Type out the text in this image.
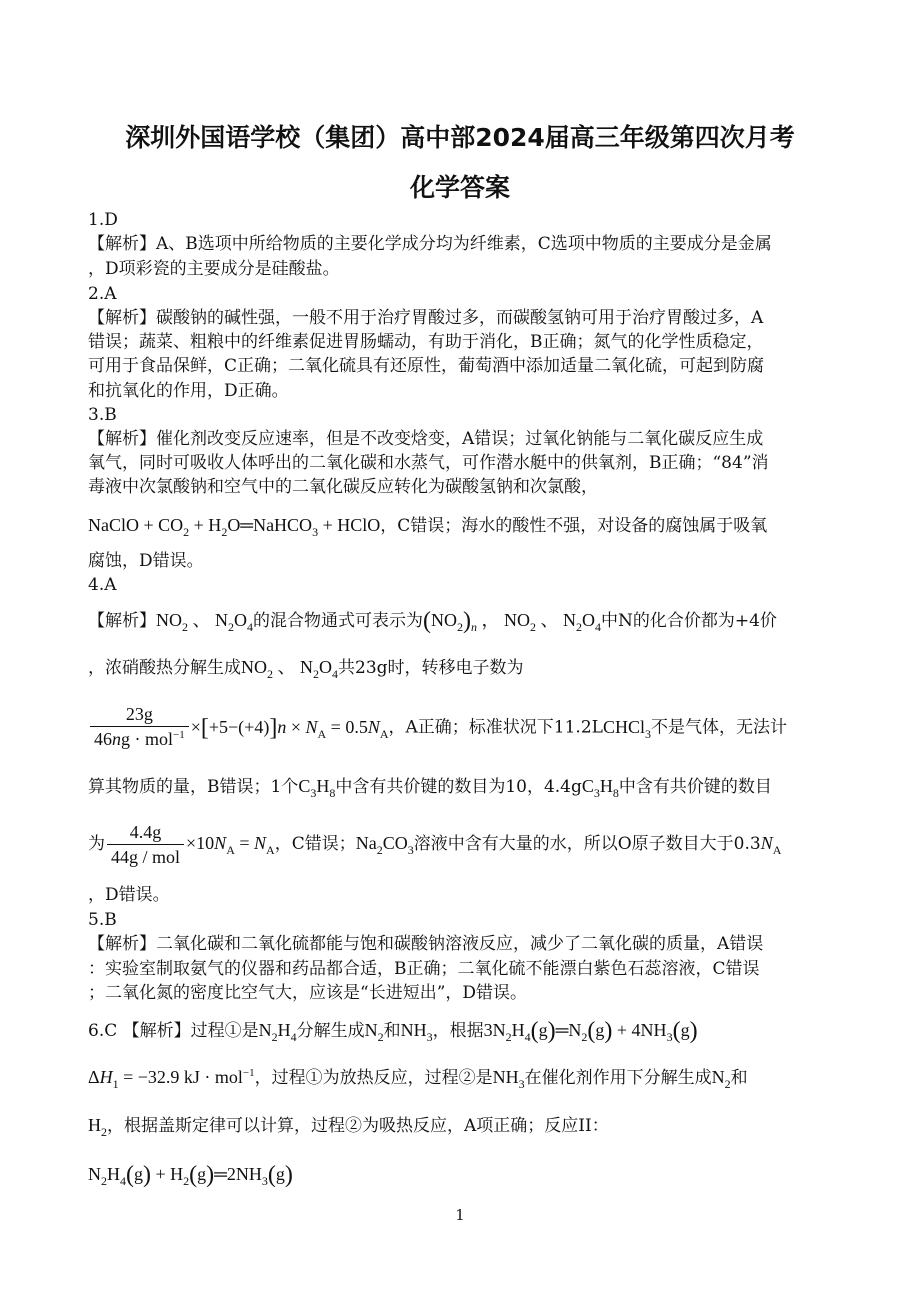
深圳外国语学校（集团）高中部2024届高三年级第四次月考
化学答案
1.D
【解析】A、B选项中所给物质的主要化学成分均为纤维素，C选项中物质的主要成分是金属
，D项彩瓷的主要成分是硅酸盐。
2.A
【解析】碳酸钠的碱性强，一般不用于治疗胃酸过多，而碳酸氢钠可用于治疗胃酸过多，A
错误；蔬菜、粗粮中的纤维素促进胃肠蠕动，有助于消化，B正确；氮气的化学性质稳定，
可用于食品保鲜，C正确；二氧化硫具有还原性，葡萄酒中添加适量二氧化硫，可起到防腐
和抗氧化的作用，D正确。
3.B
【解析】催化剂改变反应速率，但是不改变焓变，A错误；过氧化钠能与二氧化碳反应生成
氧气，同时可吸收人体呼出的二氧化碳和水蒸气，可作潜水艇中的供氧剂，B正确；“84”消
毒液中次氯酸钠和空气中的二氧化碳反应转化为碳酸氢钠和次氯酸，
NaClO + $CO_2$ + $H_2O═NaHCO_3$ + HClO，C错误；海水的酸性不强，对设备的腐蚀属于吸氧
腐蚀，D错误。
4.A
【解析】$NO_2$ 、 $N_2O_4$的混合物通式可表示为$(NO_2)_n$ ， $NO_2$ 、 $N_2O_4$中N的化合价都为+4价
，浓硝酸热分解生成$NO_2$ 、 $N_2O_4$共23g时，转移电子数为
$\frac{23g}{46ng \cdot mol^{-1}} \times[+5-(+4)]n \times N_A = 0.5N_A$，A正确；标准状况下11.2LCHCl$_3$不是气体，无法计
算其物质的量，B错误；1个$C_3H_8$中含有共价键的数目为10，$4.4gC_3H_8$中含有共价键的数目
为 $\frac{4.4g}{\text{44g / mol}} \times 10N_A = N_A$，C错误；$Na_2CO_3$溶液中含有大量的水，所以O原子数目大于$0.3N_A$
，D错误。
5.B
【解析】二氧化碳和二氧化硫都能与饱和碳酸钠溶液反应，减少了二氧化碳的质量，A错误
：实验室制取氨气的仪器和药品都合适，B正确；二氧化硫不能漂白紫色石蕊溶液，C错误
；二氧化氮的密度比空气大，应该是“长进短出”，D错误。
6.C 【解析】过程①是$N_2H_4$分解生成$N_2$和$NH_3$，根据$3N_2H_4(g)═N_2(g) + 4NH_3(g)$
$\Delta H_1 = -32.9$ kJ · mol$^{-1}$，过程①为放热反应，过程②是$NH_3$在催化剂作用下分解生成$N_2$和
$H_2$，根据盖斯定律可以计算，过程②为吸热反应，A项正确；反应II：
$N_2H_4(g)$ + $H_2(g)═2NH_3(g)$
1
